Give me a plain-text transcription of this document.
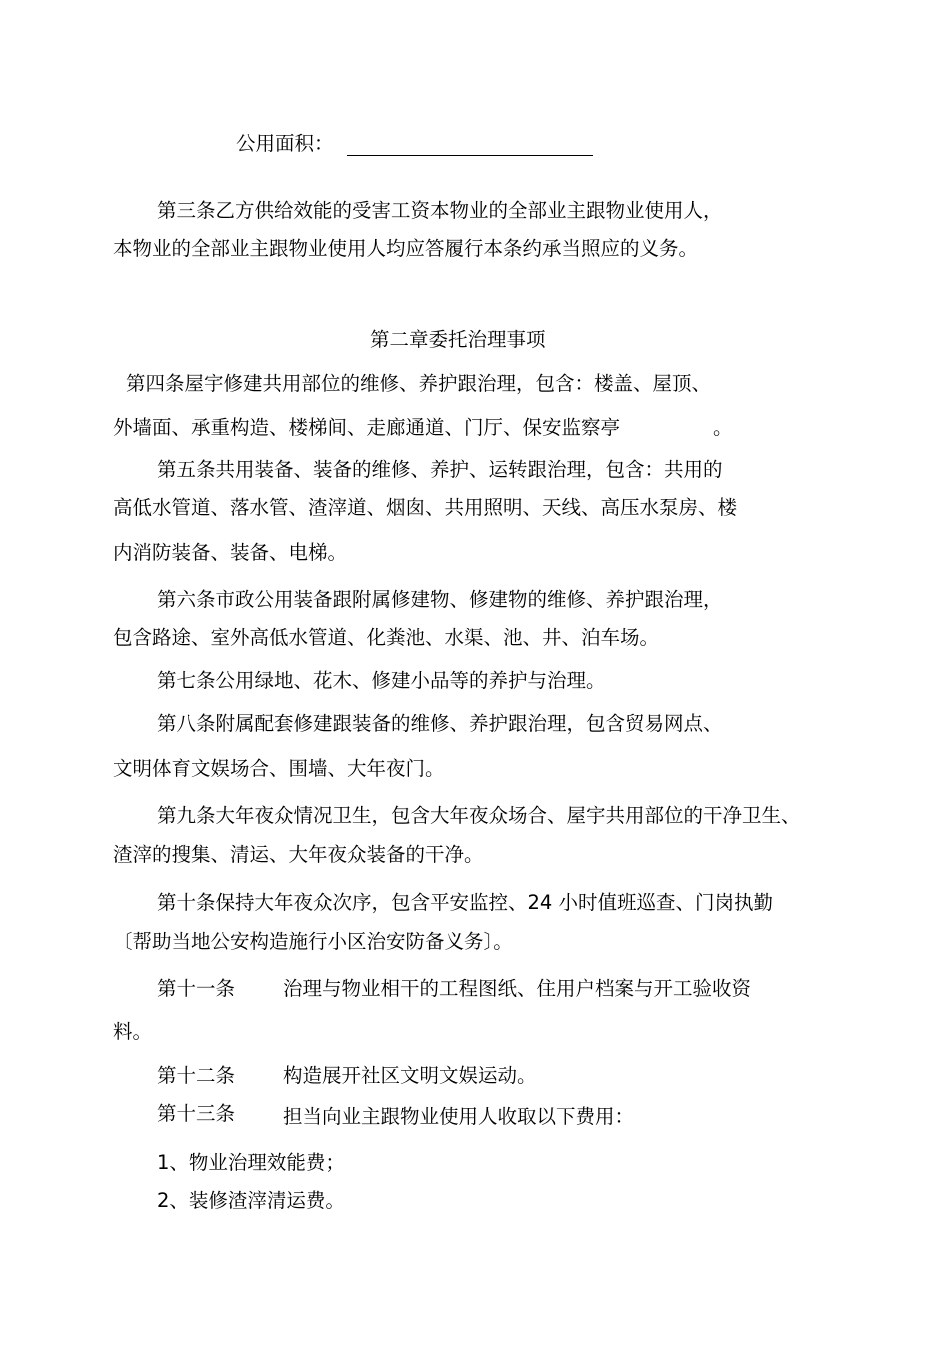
公用面积：
第三条乙方供给效能的受害工资本物业的全部业主跟物业使用人，
本物业的全部业主跟物业使用人均应答履行本条约承当照应的义务。
第二章委托治理事项
第四条屋宇修建共用部位的维修、养护跟治理，包含：楼盖、屋顶、
外墙面、承重构造、楼梯间、走廊通道、门厅、保安监察亭	。
第五条共用装备、装备的维修、养护、运转跟治理，包含：共用的
高低水管道、落水管、渣滓道、烟囱、共用照明、天线、高压水泵房、楼
内消防装备、装备、电梯。
第六条市政公用装备跟附属修建物、修建物的维修、养护跟治理，
包含路途、室外高低水管道、化粪池、水渠、池、井、泊车场。
第七条公用绿地、花木、修建小品等的养护与治理。
第八条附属配套修建跟装备的维修、养护跟治理，包含贸易网点、
文明体育文娱场合、围墙、大年夜门。
第九条大年夜众情况卫生，包含大年夜众场合、屋宇共用部位的干净卫生、
渣滓的搜集、清运、大年夜众装备的干净。
第十条保持大年夜众次序，包含平安监控、24 小时值班巡查、门岗执勤
〔帮助当地公安构造施行小区治安防备义务〕。
第十一条 治理与物业相干的工程图纸、住用户档案与开工验收资
料。
第十二条 构造展开社区文明文娱运动。
第十三条 担当向业主跟物业使用人收取以下费用：
1、物业治理效能费；
2、装修渣滓清运费。
